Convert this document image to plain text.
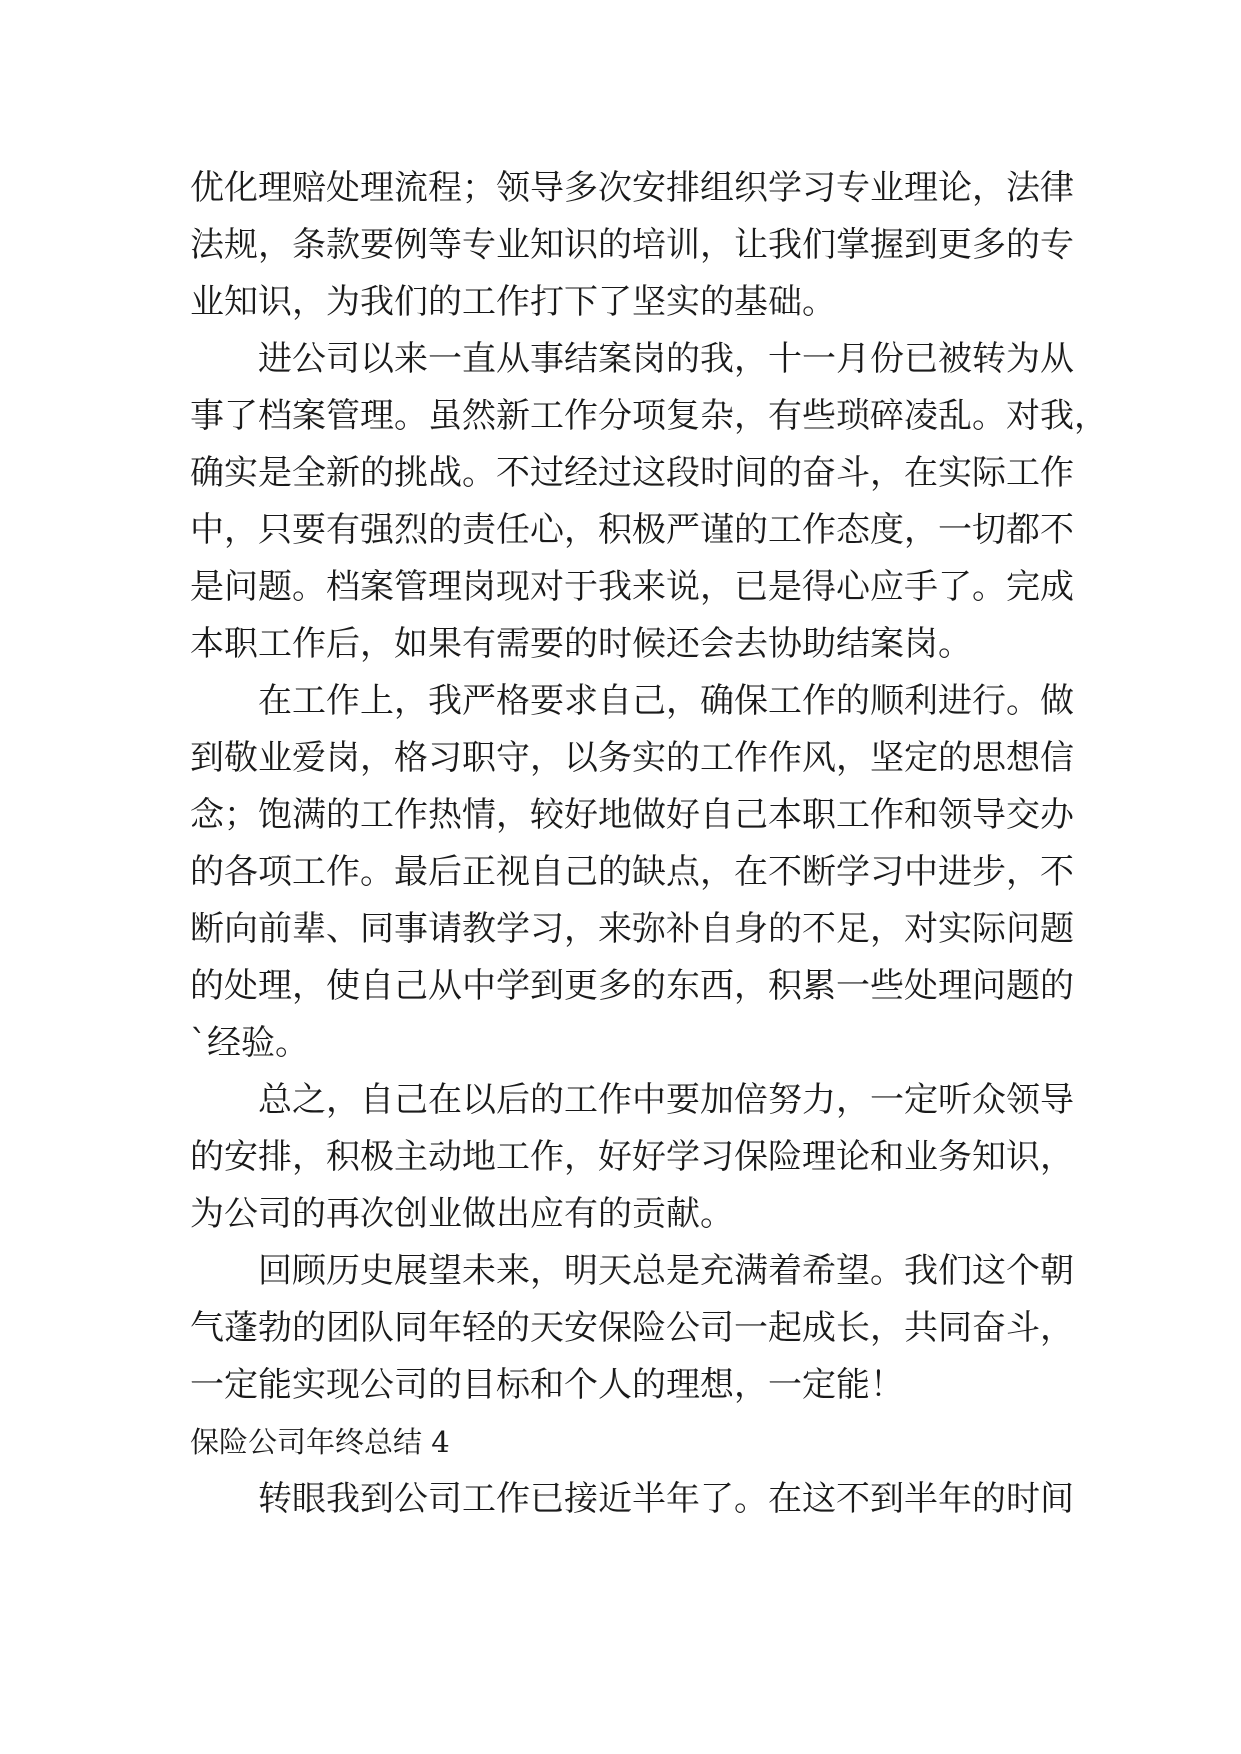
优化理赔处理流程；领导多次安排组织学习专业理论，法律
法规，条款要例等专业知识的培训，让我们掌握到更多的专
业知识，为我们的工作打下了坚实的基础。
进公司以来一直从事结案岗的我，十一月份已被转为从
事了档案管理。虽然新工作分项复杂，有些琐碎凌乱。对我，
确实是全新的挑战。不过经过这段时间的奋斗，在实际工作
中，只要有强烈的责任心，积极严谨的工作态度，一切都不
是问题。档案管理岗现对于我来说，已是得心应手了。完成
本职工作后，如果有需要的时候还会去协助结案岗。
在工作上，我严格要求自己，确保工作的顺利进行。做
到敬业爱岗，格习职守，以务实的工作作风，坚定的思想信
念；饱满的工作热情，较好地做好自己本职工作和领导交办
的各项工作。最后正视自己的缺点，在不断学习中进步，不
断向前辈、同事请教学习，来弥补自身的不足，对实际问题
的处理，使自己从中学到更多的东西，积累一些处理问题的
`经验。
总之，自己在以后的工作中要加倍努力，一定听众领导
的安排，积极主动地工作，好好学习保险理论和业务知识，
为公司的再次创业做出应有的贡献。
回顾历史展望未来，明天总是充满着希望。我们这个朝
气蓬勃的团队同年轻的天安保险公司一起成长，共同奋斗，
一定能实现公司的目标和个人的理想，一定能！
保险公司年终总结 4
转眼我到公司工作已接近半年了。在这不到半年的时间
